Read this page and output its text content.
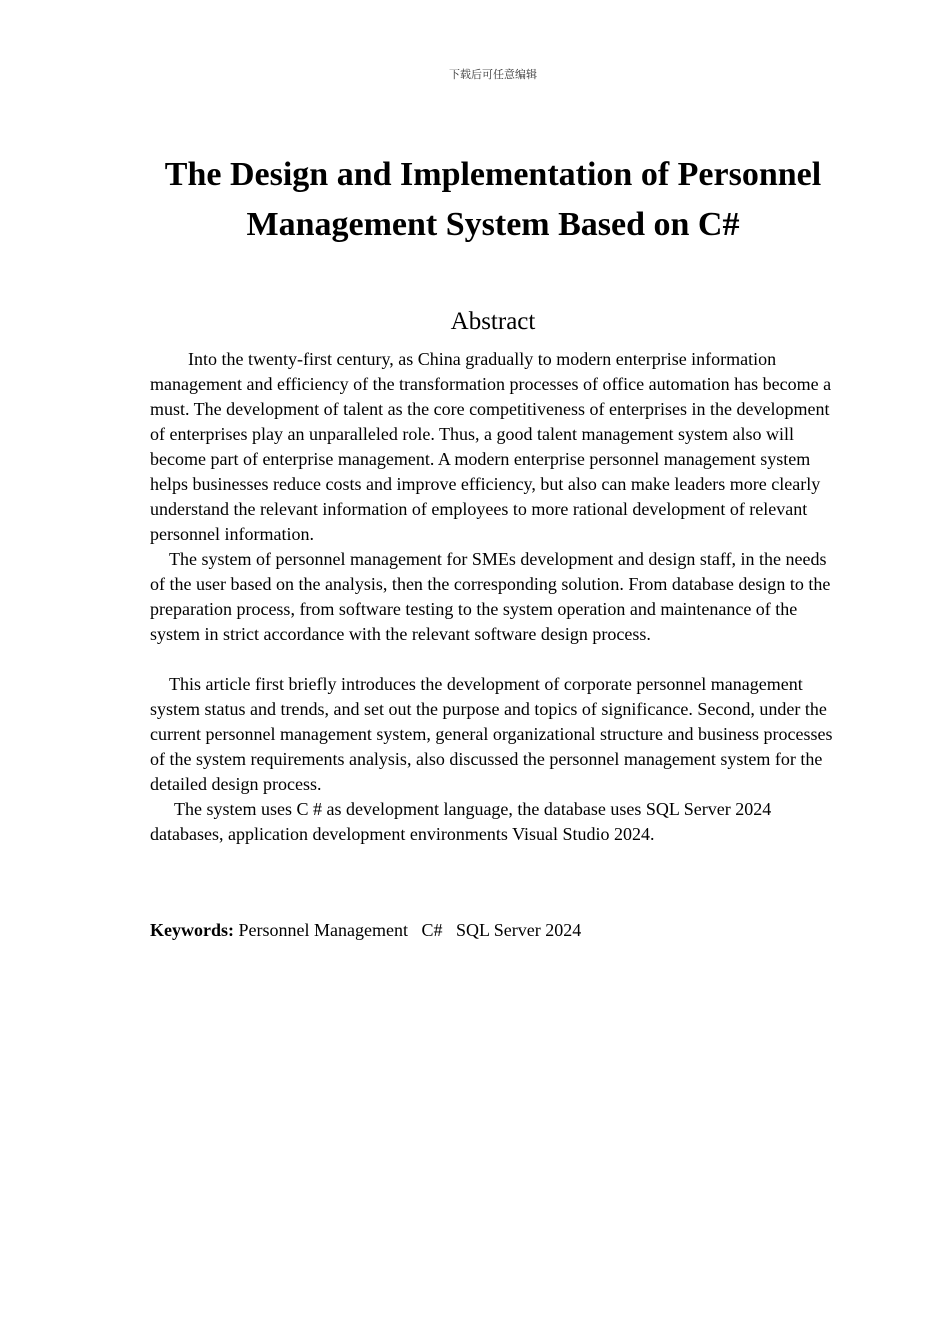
下载后可任意编辑
The Design and Implementation of Personnel Management System Based on C#
Abstract

Into the twenty-first century, as China gradually to modern enterprise information management and efficiency of the transformation processes of office automation has become a must. The development of talent as the core competitiveness of enterprises in the development of enterprises play an unparalleled role. Thus, a good talent management system also will become part of enterprise management. A modern enterprise personnel management system helps businesses reduce costs and improve efficiency, but also can make leaders more clearly understand the relevant information of employees to more rational development of relevant personnel information.

The system of personnel management for SMEs development and design staff, in the needs of the user based on the analysis, then the corresponding solution. From database design to the preparation process, from software testing to the system operation and maintenance of the system in strict accordance with the relevant software design process.

This article first briefly introduces the development of corporate personnel management system status and trends, and set out the purpose and topics of significance. Second, under the current personnel management system, general organizational structure and business processes of the system requirements analysis, also discussed the personnel management system for the detailed design process.

The system uses C # as development language, the database uses SQL Server 2024 databases, application development environments Visual Studio 2024.

Keywords: Personnel Management   C#   SQL Server 2024
